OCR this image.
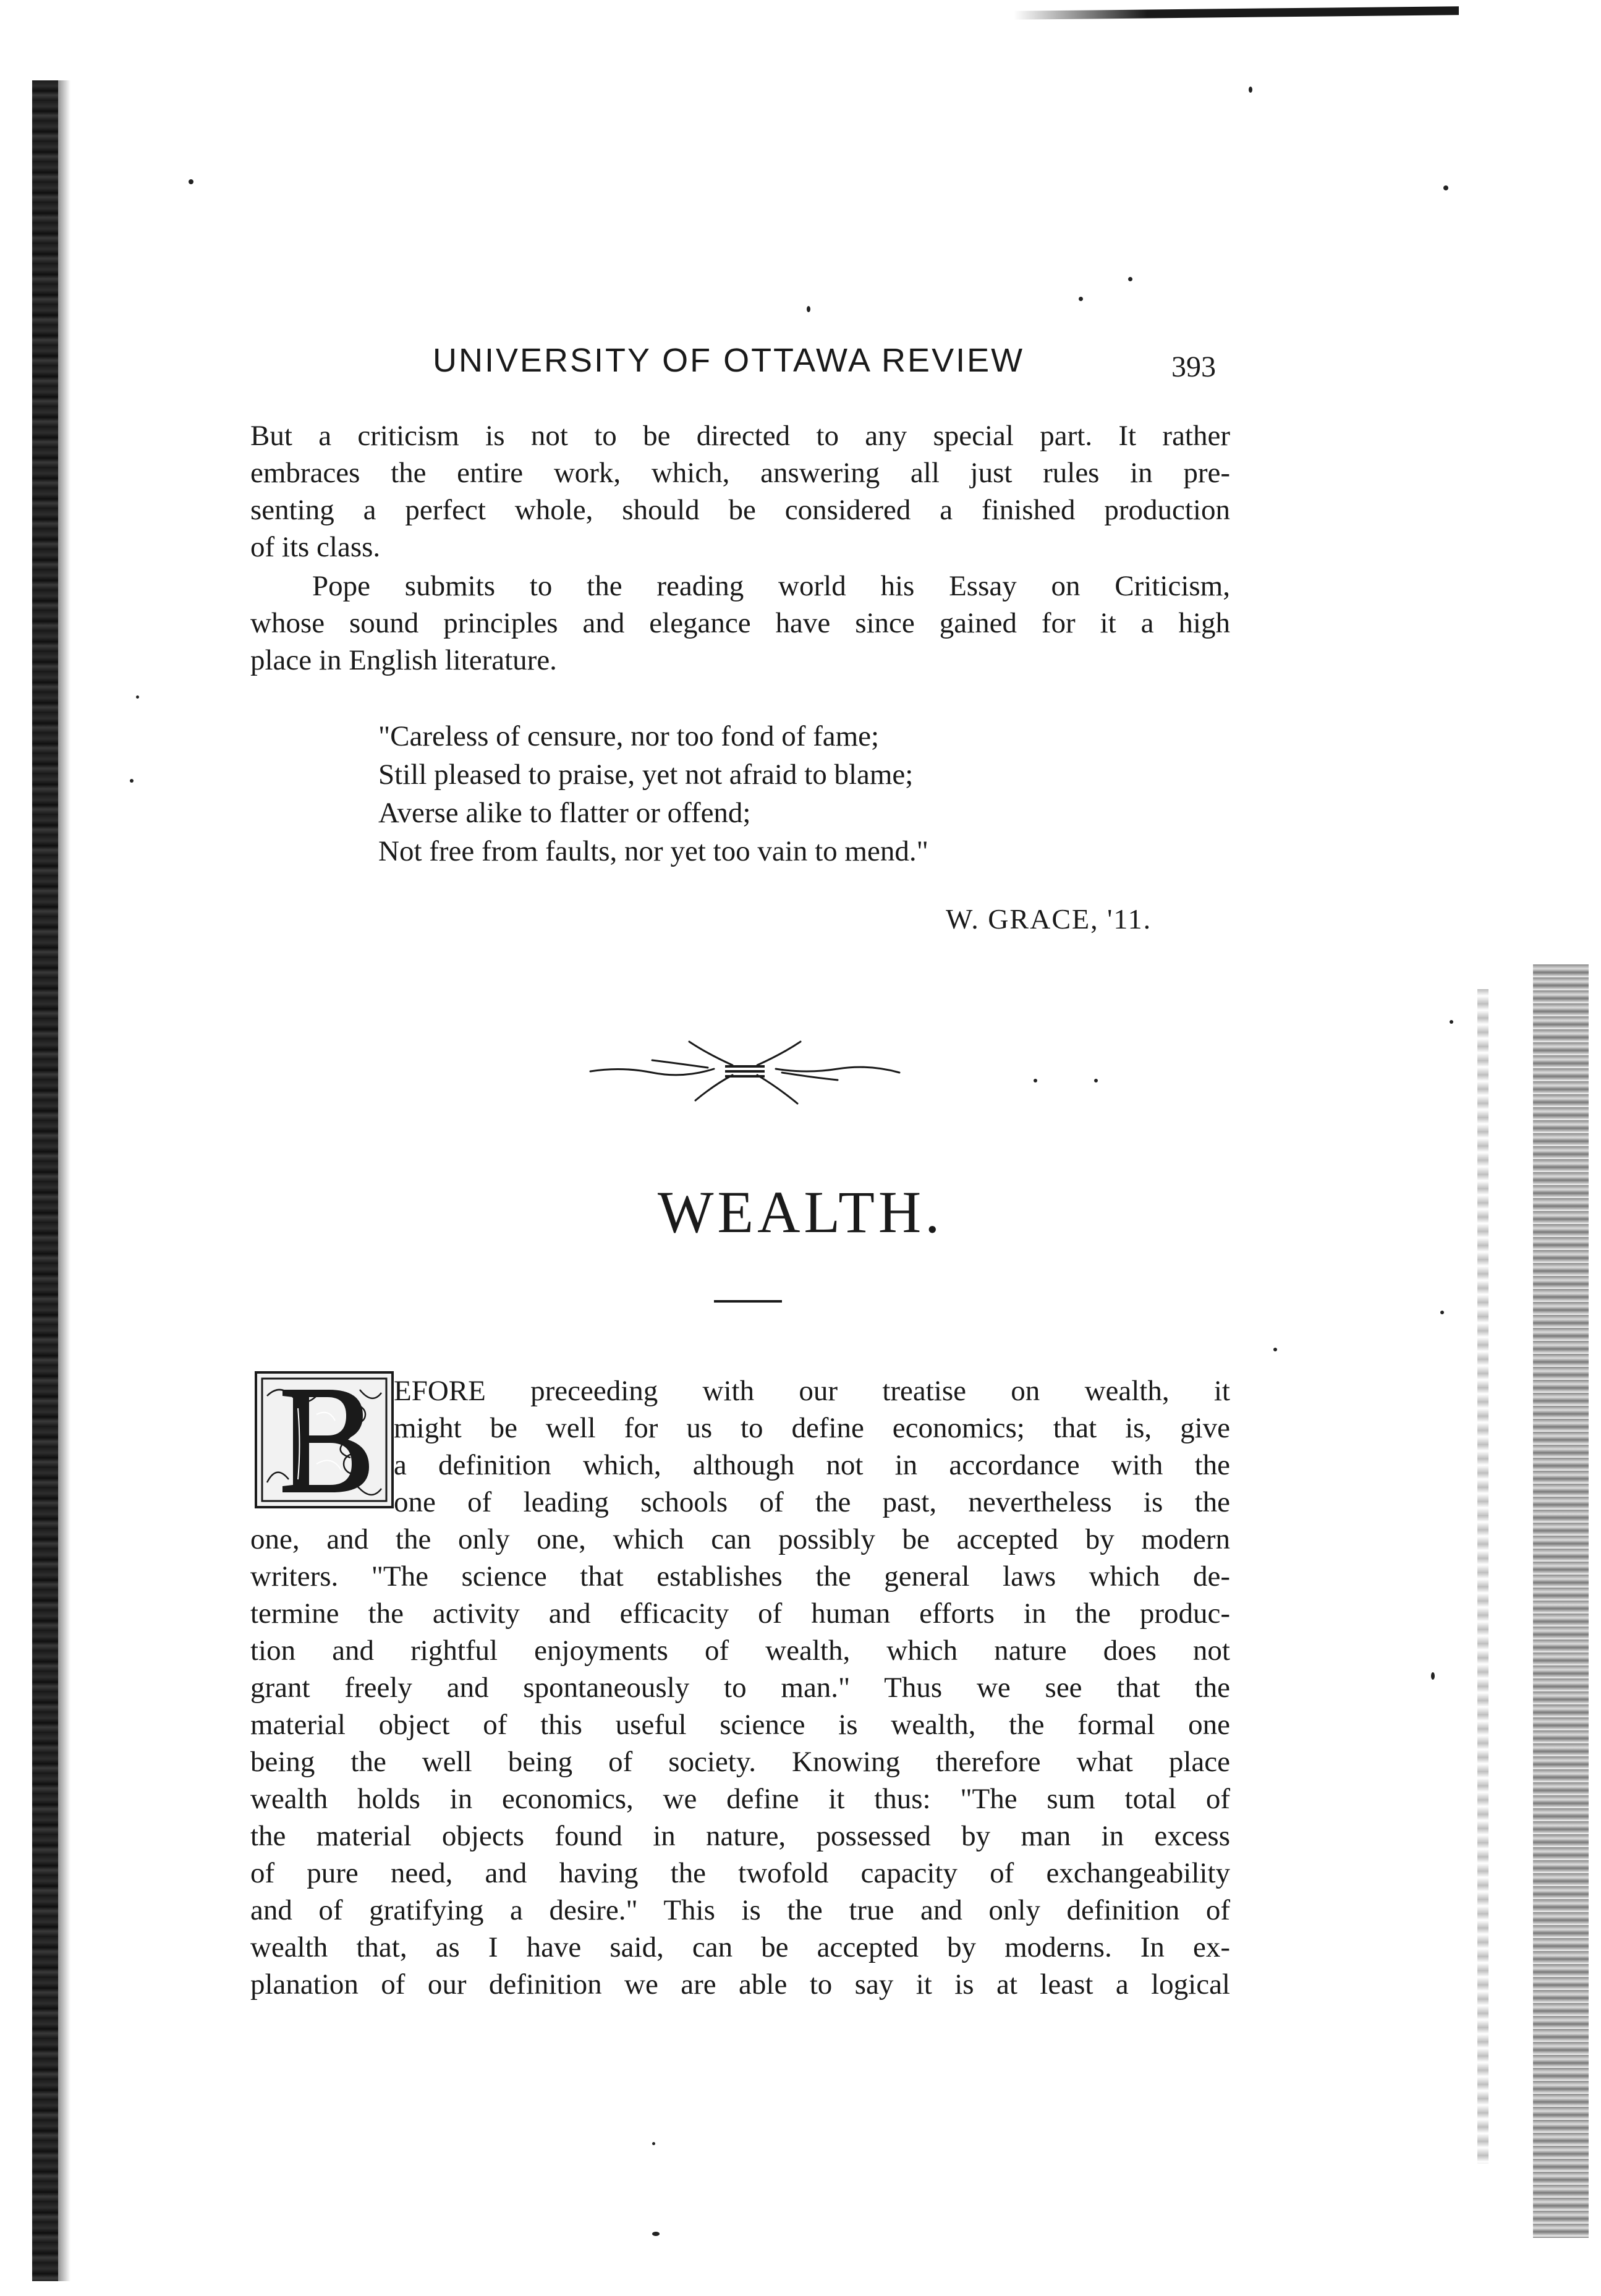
UNIVERSITY OF OTTAWA REVIEW	393
But a criticism is not to be directed to any special part. It rather
embraces the entire work, which, answering all just rules in pre-
senting a perfect whole, should be considered a finished production
of its class.
Pope submits to the reading world his Essay on Criticism,
whose sound principles and elegance have since gained for it a high
place in English literature.
"Careless of censure, nor too fond of fame;
Still pleased to praise, yet not afraid to blame;
Averse alike to flatter or offend;
Not free from faults, nor yet too vain to mend."
W. GRACE, '11.
WEALTH.
EFORE preceeding with our treatise on wealth, it
might be well for us to define economics; that is, give
a definition which, although not in accordance with the
one of leading schools of the past, nevertheless is the
one, and the only one, which can possibly be accepted by modern
writers. "The science that establishes the general laws which de-
termine the activity and efficacity of human efforts in the produc-
tion and rightful enjoyments of wealth, which nature does not
grant freely and spontaneously to man." Thus we see that the
material object of this useful science is wealth, the formal one
being the well being of society. Knowing therefore what place
wealth holds in economics, we define it thus: "The sum total of
the material objects found in nature, possessed by man in excess
of pure need, and having the twofold capacity of exchangeability
and of gratifying a desire." This is the true and only definition of
wealth that, as I have said, can be accepted by moderns. In ex-
planation of our definition we are able to say it is at least a logical
